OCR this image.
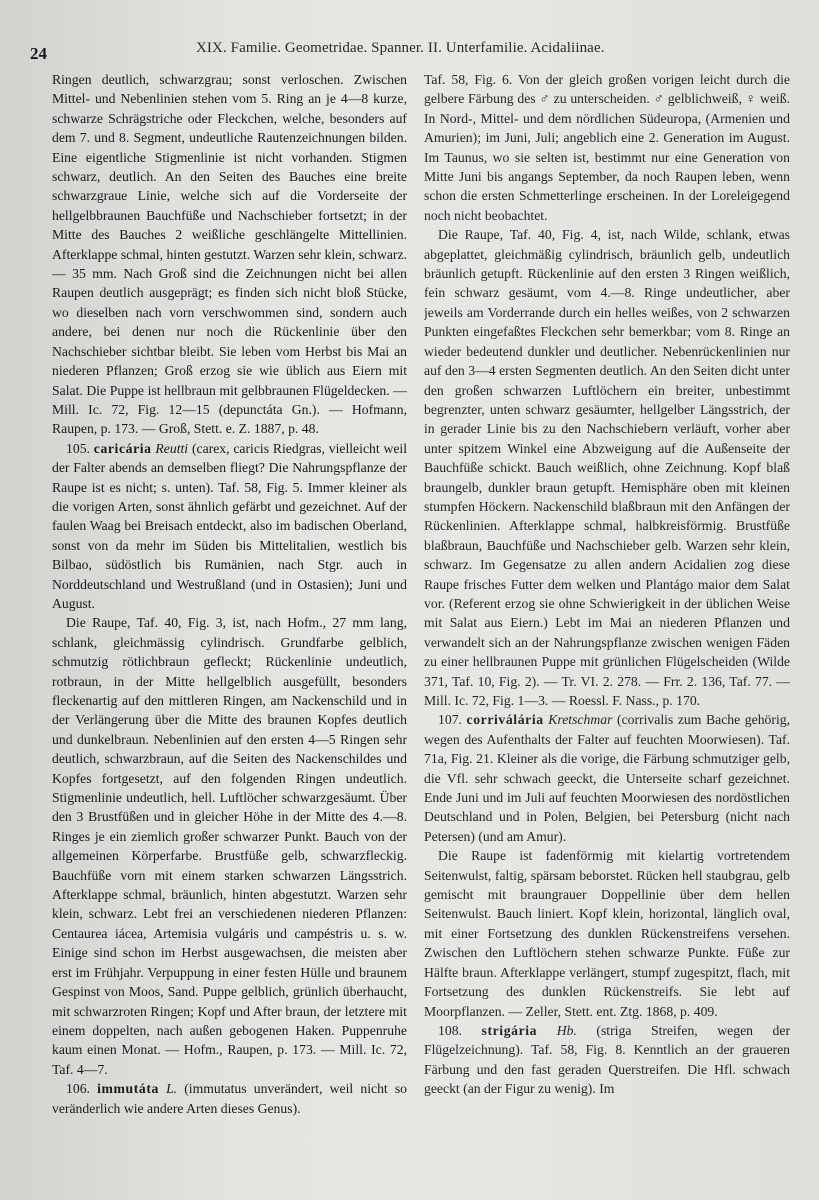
24	XIX. Familie. Geometridae. Spanner. II. Unterfamilie. Acidaliinae.

Ringen deutlich, schwarzgrau; sonst verloschen. Zwischen Mittel- und Nebenlinien stehen vom 5. Ring an je 4—8 kurze, schwarze Schrägstriche oder Fleckchen, welche, besonders auf dem 7. und 8. Segment, undeutliche Rautenzeichnungen bilden. Eine eigentliche Stigmenlinie ist nicht vorhanden. Stigmen schwarz, deutlich. An den Seiten des Bauches eine breite schwarzgraue Linie, welche sich auf die Vorderseite der hellgelbbraunen Bauchfüße und Nachschieber fortsetzt; in der Mitte des Bauches 2 weißliche geschlängelte Mittellinien. Afterklappe schmal, hinten gestutzt. Warzen sehr klein, schwarz. — 35 mm. Nach Groß sind die Zeichnungen nicht bei allen Raupen deutlich ausgeprägt; es finden sich nicht bloß Stücke, wo dieselben nach vorn verschwommen sind, sondern auch andere, bei denen nur noch die Rückenlinie über den Nachschieber sichtbar bleibt. Sie leben vom Herbst bis Mai an niederen Pflanzen; Groß erzog sie wie üblich aus Eiern mit Salat. Die Puppe ist hellbraun mit gelbbraunen Flügeldecken. — Mill. Ic. 72, Fig. 12—15 (depunctáta Gn.). — Hofmann, Raupen, p. 173. — Groß, Stett. e. Z. 1887, p. 48.

105. caricária Reutti (carex, caricis Riedgras, vielleicht weil der Falter abends an demselben fliegt? Die Nahrungspflanze der Raupe ist es nicht; s. unten). Taf. 58, Fig. 5. Immer kleiner als die vorigen Arten, sonst ähnlich gefärbt und gezeichnet. Auf der faulen Waag bei Breisach entdeckt, also im badischen Oberland, sonst von da mehr im Süden bis Mittelitalien, westlich bis Bilbao, südöstlich bis Rumänien, nach Stgr. auch in Norddeutschland und Westrußland (und in Ostasien); Juni und August.

Die Raupe, Taf. 40, Fig. 3, ist, nach Hofm., 27 mm lang, schlank, gleichmässig cylindrisch. Grundfarbe gelblich, schmutzig rötlichbraun gefleckt; Rückenlinie undeutlich, rotbraun, in der Mitte hellgelblich ausgefüllt, besonders fleckenartig auf den mittleren Ringen, am Nackenschild und in der Verlängerung über die Mitte des braunen Kopfes deutlich und dunkelbraun. Nebenlinien auf den ersten 4—5 Ringen sehr deutlich, schwarzbraun, auf die Seiten des Nackenschildes und Kopfes fortgesetzt, auf den folgenden Ringen undeutlich. Stigmenlinie undeutlich, hell. Luftlöcher schwarzgesäumt. Über den 3 Brustfüßen und in gleicher Höhe in der Mitte des 4.—8. Ringes je ein ziemlich großer schwarzer Punkt. Bauch von der allgemeinen Körperfarbe. Brustfüße gelb, schwarzfleckig. Bauchfüße vorn mit einem starken schwarzen Längsstrich. Afterklappe schmal, bräunlich, hinten abgestutzt. Warzen sehr klein, schwarz. Lebt frei an verschiedenen niederen Pflanzen: Centaurea iácea, Artemisia vulgáris und campéstris u. s. w. Einige sind schon im Herbst ausgewachsen, die meisten aber erst im Frühjahr. Verpuppung in einer festen Hülle und braunem Gespinst von Moos, Sand. Puppe gelblich, grünlich überhaucht, mit schwarzroten Ringen; Kopf und After braun, der letztere mit einem doppelten, nach außen gebogenen Haken. Puppenruhe kaum einen Monat. — Hofm., Raupen, p. 173. — Mill. Ic. 72, Taf. 4—7.

106. immutáta L. (immutatus unverändert, weil nicht so veränderlich wie andere Arten dieses Genus).

Taf. 58, Fig. 6. Von der gleich großen vorigen leicht durch die gelbere Färbung des ♂ zu unterscheiden. ♂ gelblichweiß, ♀ weiß. In Nord-, Mittel- und dem nördlichen Südeuropa, (Armenien und Amurien); im Juni, Juli; angeblich eine 2. Generation im August. Im Taunus, wo sie selten ist, bestimmt nur eine Generation von Mitte Juni bis angangs September, da noch Raupen leben, wenn schon die ersten Schmetterlinge erscheinen. In der Loreleigegend noch nicht beobachtet.

Die Raupe, Taf. 40, Fig. 4, ist, nach Wilde, schlank, etwas abgeplattet, gleichmäßig cylindrisch, bräunlich gelb, undeutlich bräunlich getupft. Rückenlinie auf den ersten 3 Ringen weißlich, fein schwarz gesäumt, vom 4.—8. Ringe undeutlicher, aber jeweils am Vorderrande durch ein helles weißes, von 2 schwarzen Punkten eingefaßtes Fleckchen sehr bemerkbar; vom 8. Ringe an wieder bedeutend dunkler und deutlicher. Nebenrückenlinien nur auf den 3—4 ersten Segmenten deutlich. An den Seiten dicht unter den großen schwarzen Luftlöchern ein breiter, unbestimmt begrenzter, unten schwarz gesäumter, hellgelber Längsstrich, der in gerader Linie bis zu den Nachschiebern verläuft, vorher aber unter spitzem Winkel eine Abzweigung auf die Außenseite der Bauchfüße schickt. Bauch weißlich, ohne Zeichnung. Kopf blaß braungelb, dunkler braun getupft. Hemisphäre oben mit kleinen stumpfen Höckern. Nackenschild blaßbraun mit den Anfängen der Rückenlinien. Afterklappe schmal, halbkreisförmig. Brustfüße blaßbraun, Bauchfüße und Nachschieber gelb. Warzen sehr klein, schwarz. Im Gegensatze zu allen andern Acidalien zog diese Raupe frisches Futter dem welken und Plantágo maior dem Salat vor. (Referent erzog sie ohne Schwierigkeit in der üblichen Weise mit Salat aus Eiern.) Lebt im Mai an niederen Pflanzen und verwandelt sich an der Nahrungspflanze zwischen wenigen Fäden zu einer hellbraunen Puppe mit grünlichen Flügelscheiden (Wilde 371, Taf. 10, Fig. 2). — Tr. VI. 2. 278. — Frr. 2. 136, Taf. 77. — Mill. Ic. 72, Fig. 1—3. — Roessl. F. Nass., p. 170.

107. corriválária Kretschmar (corrivalis zum Bache gehörig, wegen des Aufenthalts der Falter auf feuchten Moorwiesen). Taf. 71a, Fig. 21. Kleiner als die vorige, die Färbung schmutziger gelb, die Vfl. sehr schwach geeckt, die Unterseite scharf gezeichnet. Ende Juni und im Juli auf feuchten Moorwiesen des nordöstlichen Deutschland und in Polen, Belgien, bei Petersburg (nicht nach Petersen) (und am Amur).

Die Raupe ist fadenförmig mit kielartig vortretendem Seitenwulst, faltig, spärsam beborstet. Rücken hell staubgrau, gelb gemischt mit braungrauer Doppellinie über dem hellen Seitenwulst. Bauch liniert. Kopf klein, horizontal, länglich oval, mit einer Fortsetzung des dunklen Rückenstreifens versehen. Zwischen den Luftlöchern stehen schwarze Punkte. Füße zur Hälfte braun. Afterklappe verlängert, stumpf zugespitzt, flach, mit Fortsetzung des dunklen Rückenstreifs. Sie lebt auf Moorpflanzen. — Zeller, Stett. ent. Ztg. 1868, p. 409.

108. strigária Hb. (striga Streifen, wegen der Flügelzeichnung). Taf. 58, Fig. 8. Kenntlich an der graueren Färbung und den fast geraden Querstreifen. Die Hfl. schwach geeckt (an der Figur zu wenig). Im
